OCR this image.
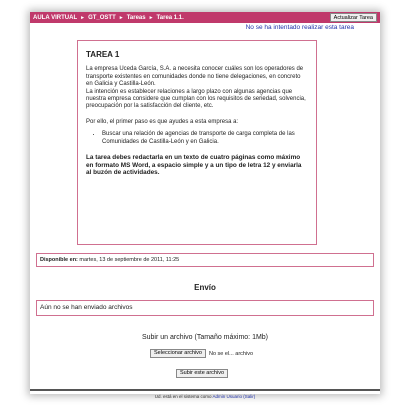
AULA VIRTUAL ► GT_OSTT ► Tareas ► Tarea 1.1.	Actualizar Tarea
No se ha intentado realizar esta tarea
TAREA 1

La empresa Uceda García, S.A. a necesita conocer cuáles son los operadores de transporte existentes en comunidades donde no tiene delegaciones, en concreto en Galicia y Castilla-León.

La intención es establecer relaciones a largo plazo con algunas agencias que nuestra empresa considere que cumplan con los requisitos de seriedad, solvencia, preocupación por la satisfacción del cliente, etc.

Por ello, el primer paso es que ayudes a esta empresa a:

• Buscar una relación de agencias de transporte de carga completa de las Comunidades de Castilla-León y en Galicia.

La tarea debes redactarla en un texto de cuatro páginas como máximo en formato MS Word, a espacio simple y a un tipo de letra 12 y enviarla al buzón de actividades.

Disponible en: martes, 13 de septiembre de 2011, 11:25
Envío
Aún no se han enviado archivos
Subir un archivo (Tamaño máximo: 1Mb)
Seleccionar archivo	No se el... archivo
Subir este archivo
Ud. está en el sistema como Admin Usuario (Salir)
